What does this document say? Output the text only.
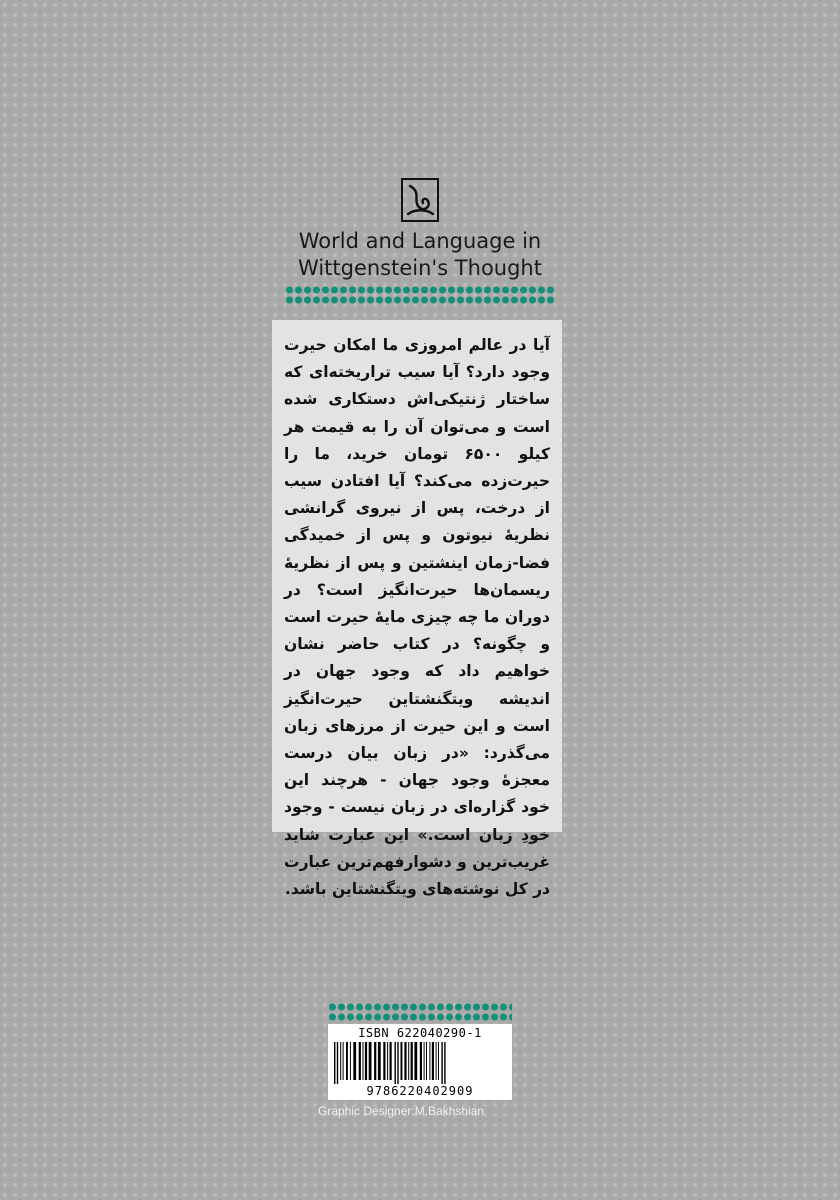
World and Language in
Wittgenstein's Thought

آیا در عالم امروزی ما امکان حیرت وجود دارد؟ آیا سیب تراریخته‌ای که ساختار ژنتیکی‌اش دستکاری شده است و می‌توان آن را به قیمت هر کیلو ۶۵۰۰ تومان خرید، ما را حیرت‌زده می‌کند؟ آیا افتادن سیب از درخت، پس از نیروی گرانشی نظریهٔ نیوتون و پس از خمیدگی فضا-زمان اینشتین و پس از نظریهٔ ریسمان‌ها حیرت‌انگیز است؟ در دوران ما چه چیزی مایهٔ حیرت است و چگونه؟ در کتاب حاضر نشان خواهیم داد که وجود جهان در اندیشه ویتگنشتاین حیرت‌انگیز است و این حیرت از مرزهای زبان می‌گذرد: «در زبان بیان درست معجزهٔ وجود جهان - هرچند این خود گزاره‌ای در زبان نیست - وجود خودِ زبان است.» این عبارت شاید غریب‌ترین و دشوارفهم‌ترین عبارت در کل نوشته‌های ویتگنشتاین باشد.

ISBN 622040290-1
9786220402909
Graphic Designer:M.Bakhshian
